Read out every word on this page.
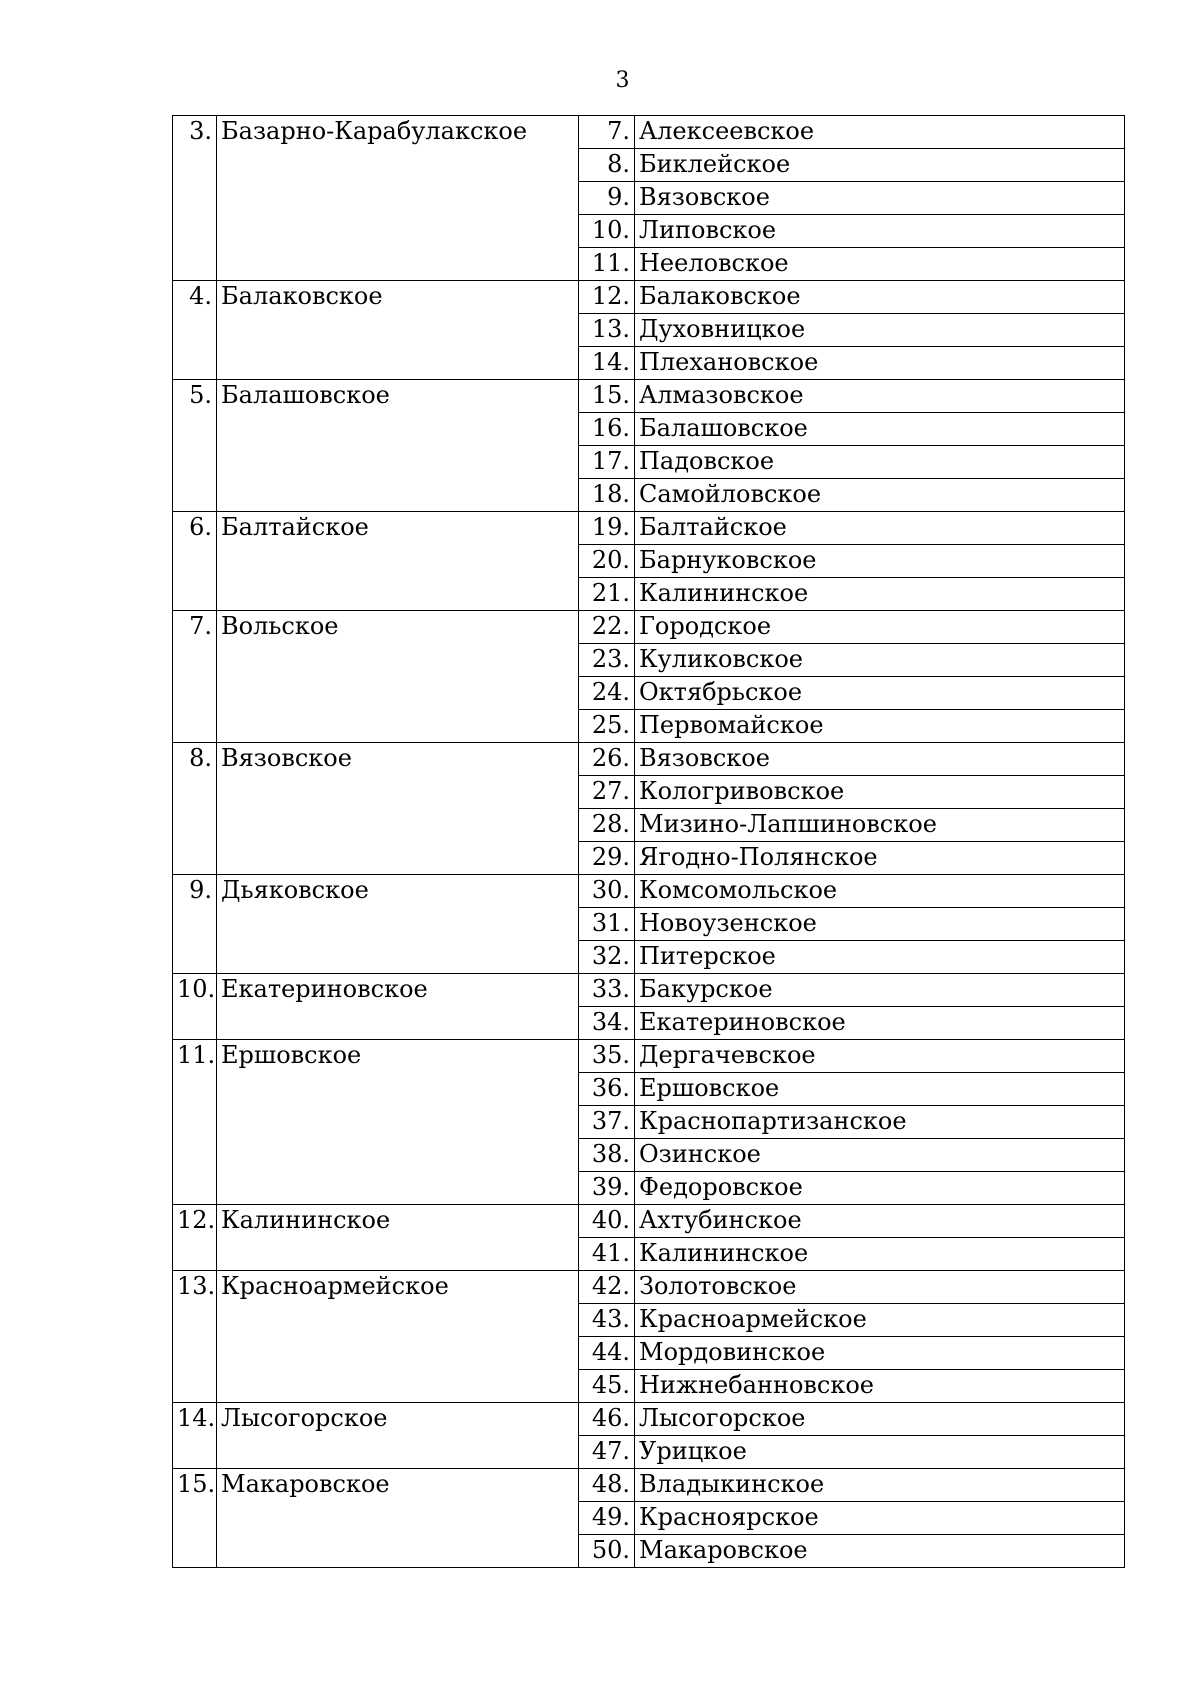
3
3.	Базарно-Карабулакское	7.	Алексеевское
		8.	Биклейское
		9.	Вязовское
		10.	Липовское
		11.	Нееловское
4.	Балаковское	12.	Балаковское
		13.	Духовницкое
		14.	Плехановское
5.	Балашовское	15.	Алмазовское
		16.	Балашовское
		17.	Падовское
		18.	Самойловское
6.	Балтайское	19.	Балтайское
		20.	Барнуковское
		21.	Калининское
7.	Вольское	22.	Городское
		23.	Куликовское
		24.	Октябрьское
		25.	Первомайское
8.	Вязовское	26.	Вязовское
		27.	Кологривовское
		28.	Мизино-Лапшиновское
		29.	Ягодно-Полянское
9.	Дьяковское	30.	Комсомольское
		31.	Новоузенское
		32.	Питерское
10.	Екатериновское	33.	Бакурское
		34.	Екатериновское
11.	Ершовское	35.	Дергачевское
		36.	Ершовское
		37.	Краснопартизанское
		38.	Озинское
		39.	Федоровское
12.	Калининское	40.	Ахтубинское
		41.	Калининское
13.	Красноармейское	42.	Золотовское
		43.	Красноармейское
		44.	Мордовинское
		45.	Нижнебанновское
14.	Лысогорское	46.	Лысогорское
		47.	Урицкое
15.	Макаровское	48.	Владыкинское
		49.	Красноярское
		50.	Макаровское
